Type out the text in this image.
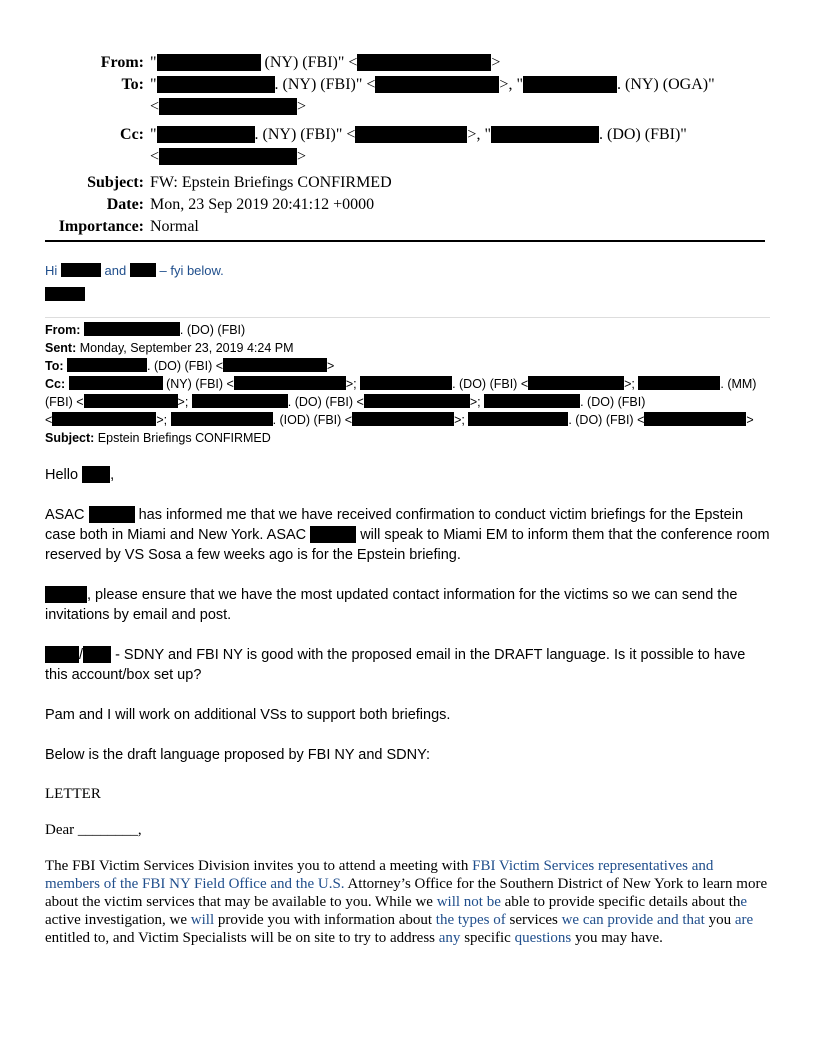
From: "	(NY) (FBI)" <	>
To: "	. (NY) (FBI)" <	>, "	. (NY) (OGA)"
<	>
Cc: "	. (NY) (FBI)" <	>, "	. (DO) (FBI)"
<	>
Subject: FW: Epstein Briefings CONFIRMED
Date: Mon, 23 Sep 2019 20:41:12 +0000
Importance: Normal
Hi	and	– fyi below.
From:	. (DO) (FBI)
Sent: Monday, September 23, 2019 4:24 PM
To:	. (DO) (FBI) <	>
Cc:	(NY) (FBI) <	>;	. (DO) (FBI) <	>;	. (MM)
(FBI) <	>;	. (DO) (FBI) <	>;	. (DO) (FBI)
<	>;	. (IOD) (FBI) <	>;	. (DO) (FBI) <	>
Subject: Epstein Briefings CONFIRMED

Hello ,

ASAC	has informed me that we have received confirmation to conduct victim briefings for the Epstein case both in Miami and New York. ASAC	will speak to Miami EM to inform them that the conference room reserved by VS Sosa a few weeks ago is for the Epstein briefing.

, please ensure that we have the most updated contact information for the victims so we can send the invitations by email and post.

/ - SDNY and FBI NY is good with the proposed email in the DRAFT language. Is it possible to have this account/box set up?

Pam and I will work on additional VSs to support both briefings.

Below is the draft language proposed by FBI NY and SDNY:

LETTER

Dear ________,

The FBI Victim Services Division invites you to attend a meeting with FBI Victim Services representatives and members of the FBI NY Field Office and the U.S. Attorney’s Office for the Southern District of New York to learn more about the victim services that may be available to you. While we will not be able to provide specific details about the active investigation, we will provide you with information about the types of services we can provide and that you are entitled to, and Victim Specialists will be on site to try to address any specific questions you may have.
